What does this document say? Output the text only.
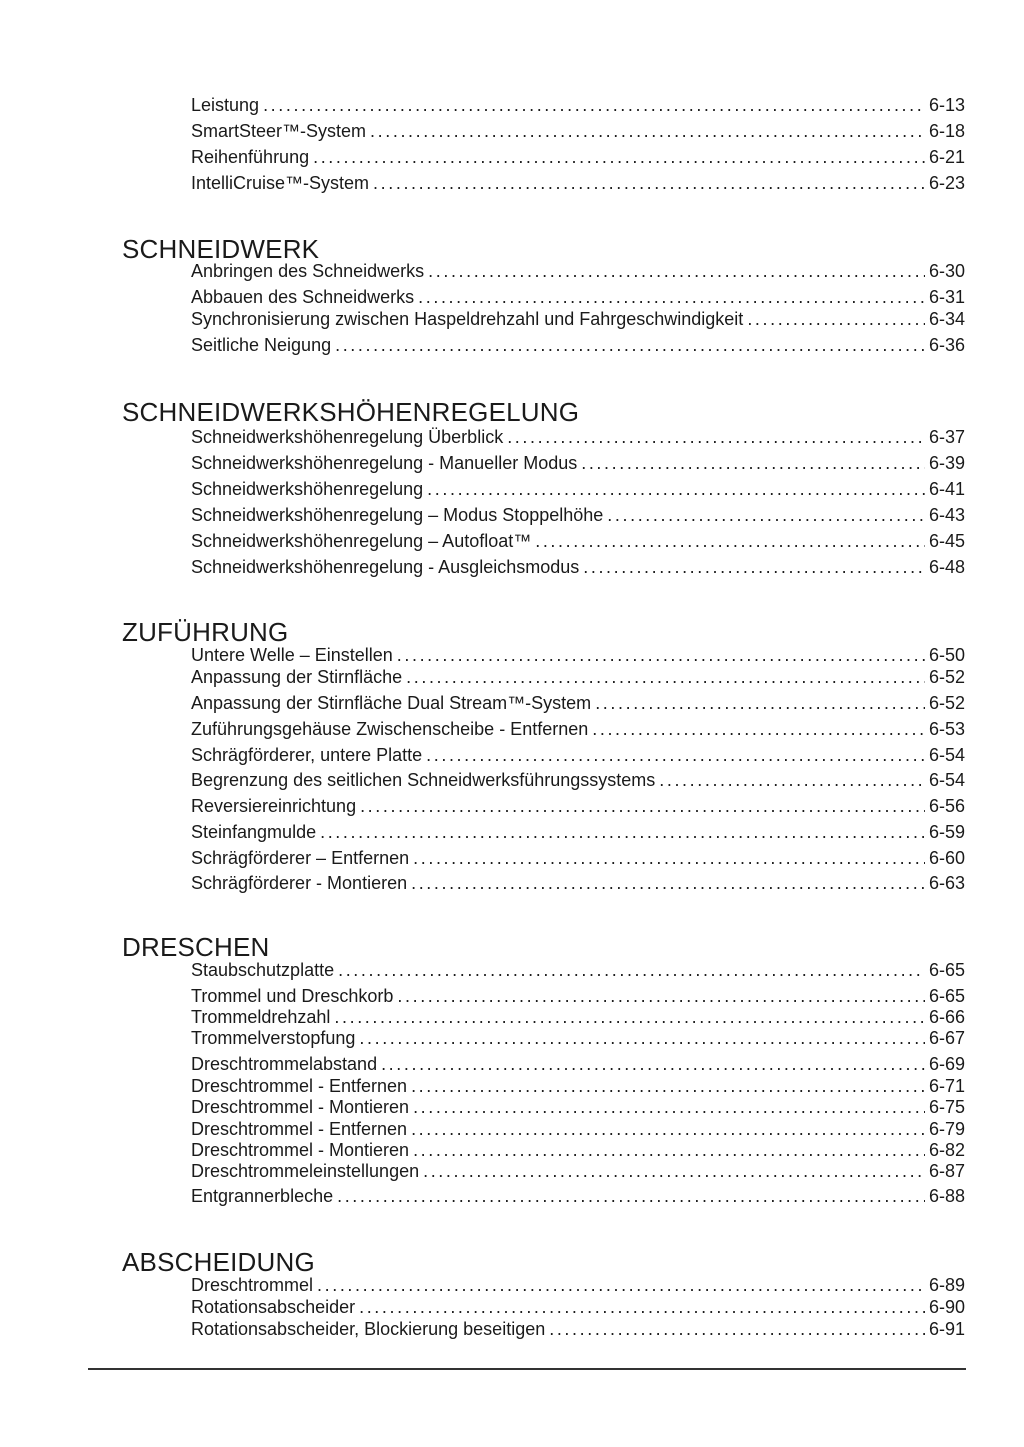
Leistung .....	6-13
SmartSteer™-System .....	6-18
Reihenführung .....	6-21
IntelliCruise™-System .....	6-23
SCHNEIDWERK
Anbringen des Schneidwerks .....	6-30
Abbauen des Schneidwerks .....	6-31
Synchronisierung zwischen Haspeldrehzahl und Fahrgeschwindigkeit .....	6-34
Seitliche Neigung .....	6-36
SCHNEIDWERKSHÖHENREGELUNG
Schneidwerkshöhenregelung Überblick .....	6-37
Schneidwerkshöhenregelung - Manueller Modus .....	6-39
Schneidwerkshöhenregelung .....	6-41
Schneidwerkshöhenregelung – Modus Stoppelhöhe .....	6-43
Schneidwerkshöhenregelung – Autofloat™ .....	6-45
Schneidwerkshöhenregelung - Ausgleichsmodus .....	6-48
ZUFÜHRUNG
Untere Welle – Einstellen .....	6-50
Anpassung der Stirnfläche .....	6-52
Anpassung der Stirnfläche Dual Stream™-System .....	6-52
Zuführungsgehäuse Zwischenscheibe - Entfernen .....	6-53
Schrägförderer, untere Platte .....	6-54
Begrenzung des seitlichen Schneidwerksführungssystems .....	6-54
Reversiereinrichtung .....	6-56
Steinfangmulde .....	6-59
Schrägförderer – Entfernen .....	6-60
Schrägförderer - Montieren .....	6-63
DRESCHEN
Staubschutzplatte .....	6-65
Trommel und Dreschkorb .....	6-65
Trommeldrehzahl .....	6-66
Trommelverstopfung .....	6-67
Dreschtrommelabstand .....	6-69
Dreschtrommel - Entfernen .....	6-71
Dreschtrommel - Montieren .....	6-75
Dreschtrommel - Entfernen .....	6-79
Dreschtrommel - Montieren .....	6-82
Dreschtrommeleinstellungen .....	6-87
Entgrannerbleche .....	6-88
ABSCHEIDUNG
Dreschtrommel .....	6-89
Rotationsabscheider .....	6-90
Rotationsabscheider, Blockierung beseitigen .....	6-91
